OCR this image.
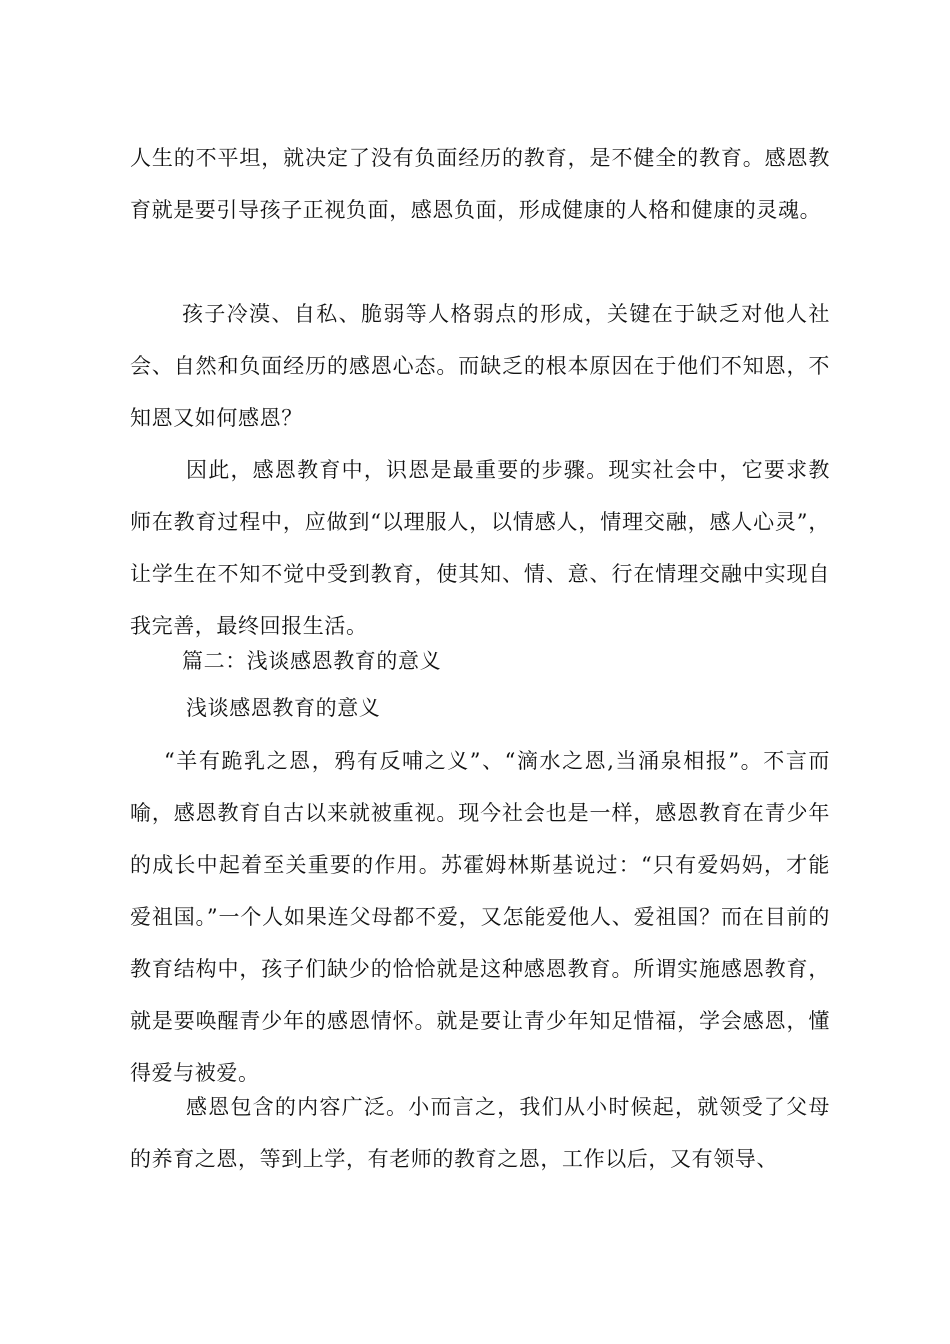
人生的不平坦，就决定了没有负面经历的教育，是不健全的教育。感恩教育就是要引导孩子正视负面，感恩负面，形成健康的人格和健康的灵魂。

孩子冷漠、自私、脆弱等人格弱点的形成，关键在于缺乏对他人社会、自然和负面经历的感恩心态。而缺乏的根本原因在于他们不知恩，不知恩又如何感恩？

因此，感恩教育中，识恩是最重要的步骤。现实社会中，它要求教师在教育过程中，应做到“以理服人，以情感人，情理交融，感人心灵”，让学生在不知不觉中受到教育，使其知、情、意、行在情理交融中实现自我完善，最终回报生活。

篇二：浅谈感恩教育的意义

浅谈感恩教育的意义

“羊有跪乳之恩，鸦有反哺之义”、“滴水之恩,当涌泉相报”。不言而喻，感恩教育自古以来就被重视。现今社会也是一样，感恩教育在青少年的成长中起着至关重要的作用。苏霍姆林斯基说过：“只有爱妈妈，才能爱祖国。”一个人如果连父母都不爱，又怎能爱他人、爱祖国？而在目前的教育结构中，孩子们缺少的恰恰就是这种感恩教育。所谓实施感恩教育，就是要唤醒青少年的感恩情怀。就是要让青少年知足惜福，学会感恩，懂得爱与被爱。

感恩包含的内容广泛。小而言之，我们从小时候起，就领受了父母的养育之恩，等到上学，有老师的教育之恩，工作以后，又有领导、
